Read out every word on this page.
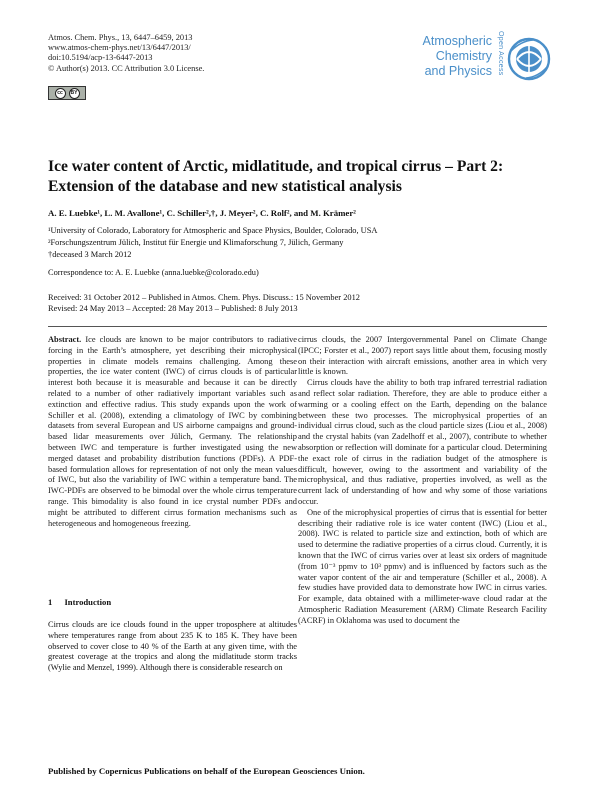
Atmos. Chem. Phys., 13, 6447–6459, 2013
www.atmos-chem-phys.net/13/6447/2013/
doi:10.5194/acp-13-6447-2013
© Author(s) 2013. CC Attribution 3.0 License.
cc	BY
Atmospheric
Chemistry
and Physics Open Access
Ice water content of Arctic, midlatitude, and tropical cirrus – Part 2: Extension of the database and new statistical analysis
A. E. Luebke¹, L. M. Avallone¹, C. Schiller²,†, J. Meyer², C. Rolf², and M. Krämer²
¹University of Colorado, Laboratory for Atmospheric and Space Physics, Boulder, Colorado, USA
²Forschungszentrum Jülich, Institut für Energie und Klimaforschung 7, Jülich, Germany
†deceased 3 March 2012
Correspondence to: A. E. Luebke (anna.luebke@colorado.edu)
Received: 31 October 2012 – Published in Atmos. Chem. Phys. Discuss.: 15 November 2012
Revised: 24 May 2013 – Accepted: 28 May 2013 – Published: 8 July 2013

Abstract. Ice clouds are known to be major contributors to radiative forcing in the Earth’s atmosphere, yet describing their microphysical properties in climate models remains challenging. Among these properties, the ice water content (IWC) of cirrus clouds is of particular interest both because it is measurable and because it can be directly related to a number of other radiatively important variables such as extinction and effective radius. This study expands upon the work of Schiller et al. (2008), extending a climatology of IWC by combining datasets from several European and US airborne campaigns and ground-based lidar measurements over Jülich, Germany. The relationship between IWC and temperature is further investigated using the new merged dataset and probability distribution functions (PDFs). A PDF-based formulation allows for representation of not only the mean values of IWC, but also the variability of IWC within a temperature band. The IWC-PDFs are observed to be bimodal over the whole cirrus temperature range. This bimodality is also found in ice crystal number PDFs and might be attributed to different cirrus formation mechanisms such as heterogeneous and homogeneous freezing.

1 Introduction

Cirrus clouds are ice clouds found in the upper troposphere at altitudes where temperatures range from about 235 K to 185 K. They have been observed to cover close to 40 % of the Earth at any given time, with the greatest coverage at the tropics and along the midlatitude storm tracks (Wylie and Menzel, 1999). Although there is considerable research on

cirrus clouds, the 2007 Intergovernmental Panel on Climate Change (IPCC; Forster et al., 2007) report says little about them, focusing mostly on their interaction with aircraft emissions, another area in which very little is known.

Cirrus clouds have the ability to both trap infrared terrestrial radiation and reflect solar radiation. Therefore, they are able to produce either a warming or a cooling effect on the Earth, depending on the balance between these two processes. The microphysical properties of an individual cirrus cloud, such as the cloud particle sizes (Liou et al., 2008) and the crystal habits (van Zadelhoff et al., 2007), contribute to whether absorption or reflection will dominate for a particular cloud. Determining the exact role of cirrus in the radiation budget of the atmosphere is difficult, however, owing to the assortment and variability of the microphysical, and thus radiative, properties involved, as well as the current lack of understanding of how and why some of those variations occur.

One of the microphysical properties of cirrus that is essential for better describing their radiative role is ice water content (IWC) (Liou et al., 2008). IWC is related to particle size and extinction, both of which are used to determine the radiative properties of a cirrus cloud. Currently, it is known that the IWC of cirrus varies over at least six orders of magnitude (from 10⁻³ ppmv to 10³ ppmv) and is influenced by factors such as the water vapor content of the air and temperature (Schiller et al., 2008). A few studies have provided data to demonstrate how IWC in cirrus varies. For example, data obtained with a millimeter-wave cloud radar at the Atmospheric Radiation Measurement (ARM) Climate Research Facility (ACRF) in Oklahoma was used to document the

Published by Copernicus Publications on behalf of the European Geosciences Union.
